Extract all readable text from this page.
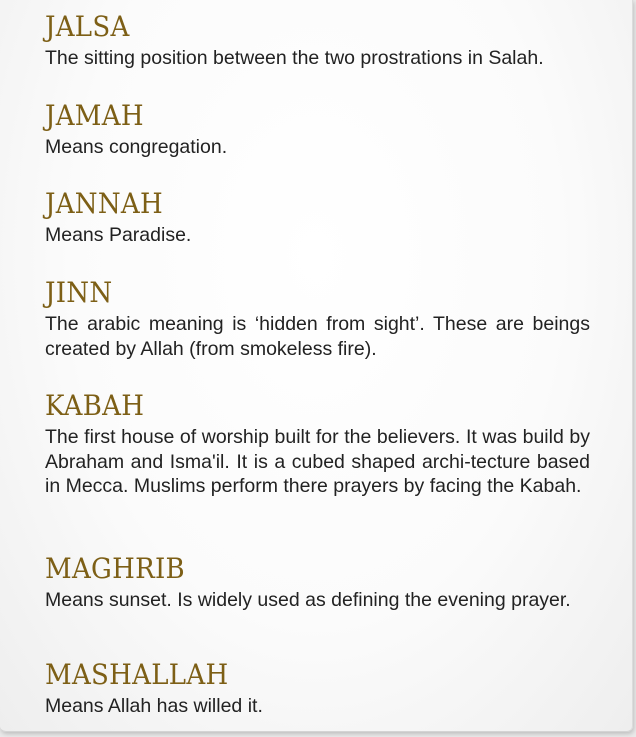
JALSA

The sitting position between the two prostrations in Salah.

JAMAH

Means congregation.

JANNAH

Means Paradise.

JINN

The arabic meaning is ‘hidden from sight’. These are beings created by Allah (from smokeless fire).

KABAH

The first house of worship built for the believers. It was build by Abraham and Isma'il. It is a cubed shaped archi-tecture based in Mecca. Muslims perform there prayers by facing the Kabah.

MAGHRIB

Means sunset. Is widely used as defining the evening prayer.

MASHALLAH

Means Allah has willed it.
